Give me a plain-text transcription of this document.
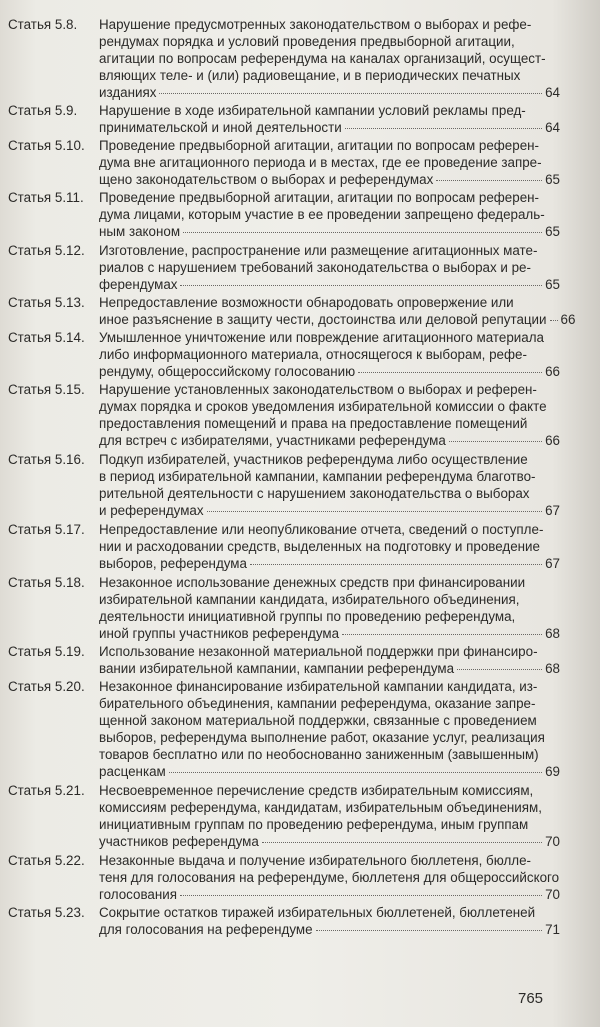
Статья 5.8.	Нарушение предусмотренных законодательством о выборах и рефе-
рендумах порядка и условий проведения предвыборной агитации,
агитации по вопросам референдума на каналах организаций, осущест-
вляющих теле- и (или) радиовещание, и в периодических печатных
изданиях	64
Статья 5.9.	Нарушение в ходе избирательной кампании условий рекламы пред-
принимательской и иной деятельности	64
Статья 5.10.	Проведение предвыборной агитации, агитации по вопросам референ-
дума вне агитационного периода и в местах, где ее проведение запре-
щено законодательством о выборах и референдумах	65
Статья 5.11.	Проведение предвыборной агитации, агитации по вопросам референ-
дума лицами, которым участие в ее проведении запрещено федераль-
ным законом	65
Статья 5.12.	Изготовление, распространение или размещение агитационных мате-
риалов с нарушением требований законодательства о выборах и ре-
ферендумах	65
Статья 5.13.	Непредоставление возможности обнародовать опровержение или
иное разъяснение в защиту чести, достоинства или деловой репутации 66
Статья 5.14.	Умышленное уничтожение или повреждение агитационного материала
либо информационного материала, относящегося к выборам, рефе-
рендуму, общероссийскому голосованию	66
Статья 5.15.	Нарушение установленных законодательством о выборах и референ-
думах порядка и сроков уведомления избирательной комиссии о факте
предоставления помещений и права на предоставление помещений
для встреч с избирателями, участниками референдума	66
Статья 5.16.	Подкуп избирателей, участников референдума либо осуществление
в период избирательной кампании, кампании референдума благотво-
рительной деятельности с нарушением законодательства о выборах
и референдумах	67
Статья 5.17.	Непредоставление или неопубликование отчета, сведений о поступле-
нии и расходовании средств, выделенных на подготовку и проведение
выборов, референдума	67
Статья 5.18.	Незаконное использование денежных средств при финансировании
избирательной кампании кандидата, избирательного объединения,
деятельности инициативной группы по проведению референдума,
иной группы участников референдума	68
Статья 5.19.	Использование незаконной материальной поддержки при финансиро-
вании избирательной кампании, кампании референдума	68
Статья 5.20.	Незаконное финансирование избирательной кампании кандидата, из-
бирательного объединения, кампании референдума, оказание запре-
щенной законом материальной поддержки, связанные с проведением
выборов, референдума выполнение работ, оказание услуг, реализация
товаров бесплатно или по необоснованно заниженным (завышенным)
расценкам	69
Статья 5.21.	Несвоевременное перечисление средств избирательным комиссиям,
комиссиям референдума, кандидатам, избирательным объединениям,
инициативным группам по проведению референдума, иным группам
участников референдума	70
Статья 5.22.	Незаконные выдача и получение избирательного бюллетеня, бюлле-
теня для голосования на референдуме, бюллетеня для общероссийского
голосования	70
Статья 5.23.	Сокрытие остатков тиражей избирательных бюллетеней, бюллетеней
для голосования на референдуме	71
765
